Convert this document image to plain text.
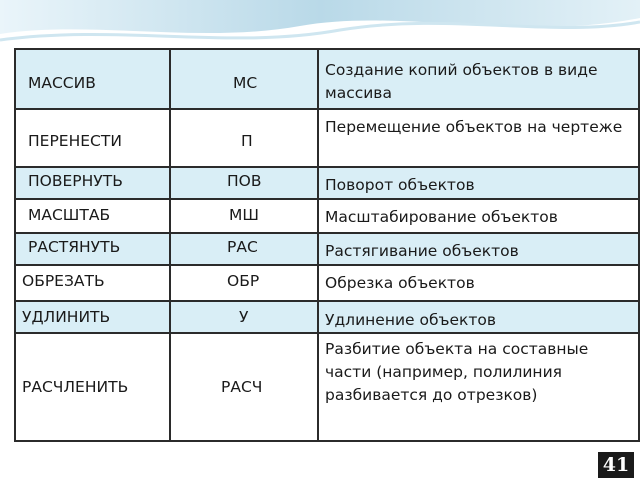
МАССИВ	МС	Создание копий объектов в виде массива

ПЕРЕНЕСТИ	П	Перемещение объектов на чертеже

ПОВЕРНУТЬ	ПОВ	Поворот объектов

МАСШТАБ	МШ	Масштабирование объектов

РАСТЯНУТЬ	РАС	Растягивание объектов

ОБРЕЗАТЬ	ОБР	Обрезка объектов

УДЛИНИТЬ	У	Удлинение объектов

РАСЧЛЕНИТЬ	РАСЧ	Разбитие объекта на составные части (например, полилиния разбивается до отрезков)
41
